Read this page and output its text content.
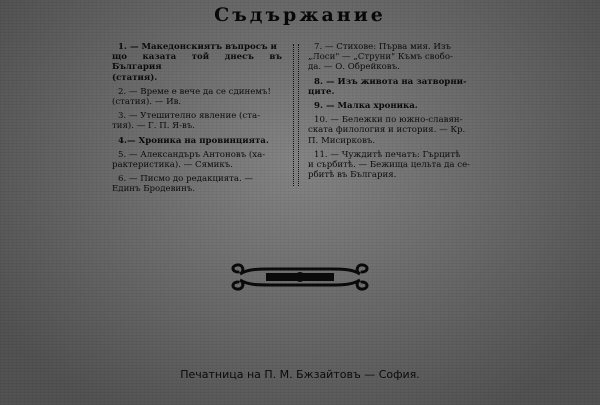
Съдържание
1. — Македонскиятъ въпросъ и
що казата той днесъ въ България
(статия).
2. — Време е вече да се сдинемъ!
(статия). — Ив.
3. — Утешително явление (ста-
тия). — Г. П. Я-въ.
4.— Хроника на провинцията.
5. — Александъръ Антоновъ (ха-
рактеристика). — Сямикъ.
6. — Писмо до редакцията. —
Единъ Бродевинъ.
7. — Стихове: Първа мия. Изъ
„Лоси" — „Струни" Къмъ свобо-
да. — О. Обрейковъ.
8. — Изъ живота на затворни-
ците.
9. — Малка хроника.
10. — Бележки по южно-славян-
ската филология и история. — Кр.
П. Мисирковъ.
11. — Чуждитѣ печатъ: Гърцитѣ
и сърбитѣ. — Бежища цельта да се-
рбитѣ въ България.
Печатница на П. М. Бжзайтовъ — София.
